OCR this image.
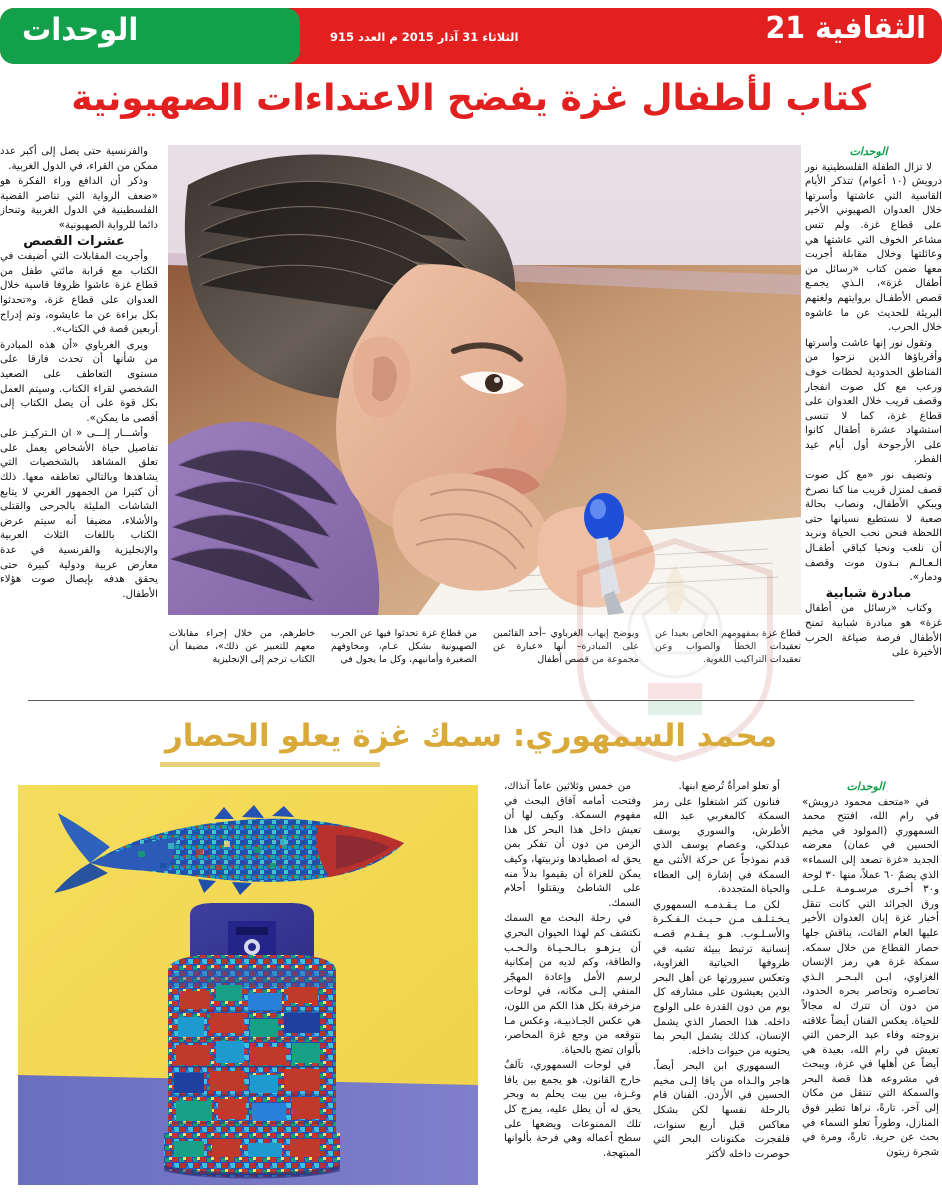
الثقافية 21
الثلاثاء 31 آذار 2015 م العدد 915
الوحدات
كتاب لأطفال غزة يفضح الاعتداءات الصهيونية

الوحدات

لا تزال الطفلة الفلسطينية نور درويش (١٠ أعوام) تتذكر الأيام القاسية التي عاشتها وأسرتها خلال العدوان الصهيوني الأخير على قطاع غزة. ولم تنس مشاعر الخوف التي عاشتها هي وعائلتها وخلال مقابلة أجريت معها ضمن كتاب «رسائل من أطفال غزة»، الـذي يجمـع قصص الأطفـال بروايتهم ولغتهم البريئة للحديث عن ما عاشوه خلال الحرب.

وتقول نور إنها عاشت وأسرتها وأقرباؤها الذين نزحوا من المناطق الحدودية لحظات خوف ورعب مع كل صوت انفجار وقصف قريب خلال العدوان على قطاع غزة، كما لا تنسى استشهاد عشرة أطفال كانوا على الأرجوحة أول أيام عيد الفطر.

وتضيف نور «مع كل صوت قصف لمنزل قريب منا كنا نصرخ ويبكي الأطفال، ونصاب بحالة صعبة لا نستطيع نسيانها حتى اللحظة فنحن نحب الحياة ونريد أن نلعب ونحيا كباقي أطفـال الـعـالـم بـدون موت وقصف ودمار».

مبادرة شبابية

وكتاب «رسائل من أطفال غزة» هو مبادرة شبابية تمنح الأطفال فرصة صياغة الحرب الأخيرة على

قطاع غزة بمفهومهم الخاص بعيدا عن تعقيدات الخطأ والصواب وعن تعقيدات التراكيب اللغوية.
ويوضح إيهاب الغرباوي –أحد القائمين على المبادرة– أنها «عبارة عن مجموعة من قصص أطفال
من قطاع غزة تحدثوا فيها عن الحرب الصهيونية بشكل عـام، ومخاوفهم الصغيرة وأمانيهم، وكل ما يجول في
خاطرهم، من خلال إجراء مقابلات معهم للتعبير عن ذلك»، مضيفا أن الكتاب ترجم إلى الإنجليزية

والفرنسية حتى يصل إلى أكبر عدد ممكن من القراء، في الدول الغربية.

وذكر أن الدافع وراء الفكرة هو «ضعف الرواية التي تناصر القضية الفلسطينية في الدول الغربية وتنحاز دائما للرواية الصهيونية»

عشرات القصص

وأجريت المقابلات التي أضيفت في الكتاب مع قرابة مائتي طفل من قطاع غزة عاشوا ظروفا قاسية خلال العدوان على قطاع غزة، و«تحدثوا بكل براءة عن ما عايشوه، وتم إدراج أربعين قصة في الكتاب».

ويرى الغرباوي «أن هذه المبادرة من شأنها أن تحدث فارقا على مستوى التعاطف على الصعيد الشخصي لقراء الكتاب. وسيتم العمل بكل قوة على أن يصل الكتاب إلى أقصى ما يمكن».

وأشـــار إلـــى « ان الـتركيـز على تفاصيل حياة الأشخاص يعمل على تعلق المشاهد بالشخصيات التي يشاهدها وبالتالي تعاطفه معها. ذلك أن كثيرا من الجمهور الغربي لا يتابع الشاشات المليئة بالجرحى والقتلى والأشلاء، مضيفا أنه سيتم عرض الكتاب باللغات الثلاث العربية والإنجليزية والفرنسية في عدة معارض عربية ودولية كبيرة حتى يحقق هدفه بإيصال صوت هؤلاء الأطفال.

محمد السمهوري: سمك غزة يعلو الحصار

الوحدات

في «متحف محمود درويش» في رام الله، افتتح محمد السمهوري (المولود في مخيم الحسين في عمان) معرضه الجديد «غزة تصعد إلى السماء» الذي يضمّ ٦٠ عملاً، منها ٣٠ لوحة و٣٠ أخـرى مرسـومـة عـلـى ورق الجرائد التي كانت تنقل أخبار غزة إبان العدوان الأخير عليها العام الفائت، يناقش جلها حصار القطاع من خلال سمكه. سمكة غزة هي رمز الإنسان الغزاوي، ابـن البـحـر الـذي تحاصـره وتحاصر بحره الحدود، من دون أن تترك له مجالاً للحياة. يعكس الفنان أيضاً علاقته بزوجته وفاء عبد الرحمن التي تعيش في رام الله، بعيدة هي أيضاً عن أهلها في غزة، ويبحث في مشروعه هذا قصة البحر والسمكة التي تنتقل من مكان إلى آخر. تارةً، نراها تطير فوق المنازل، وطوراً تعلو السماء في بحث عن حرية. تارةً، ومرة في شجرة زيتون

أو تعلو امرأةٌ تُرضع ابنها.

فنانون كثر اشتغلوا على رمز السمكة كالمغربي عبد الله الأطرش، والسوري يوسف عبدلكي، وعصام يوسف الذي قدم نموذجاً عن حركة الأنثى مع السمكة في إشارة إلى العطاء والحياة المتجددة.

لكن مـا يـقـدمـه السمهوري يـخـتـلـف مـن حـيـث الـفـكـرة والأسـلـوب. هـو يـقـدم قصـه إنسانية ترتبط ببيئة تشبه في ظروفها الحياتية الغزاوية، وتعكس سيرورتها عن أهل البحر الذين يعيشون على مشارفه كل يوم من دون القدرة على الولوج داخله. هذا الحصار الذي يشمل الإنسان، كذلك يشمل البحر بما يحتويه من حيوات داخله.

السمهوري ابن البحر أيضاً. هاجر والـداه من يافا إلـى مخيم الحسين في الأردن. الفنان قام بالرحلة نفسها لكن بشكل معاكس قبل أربع سنوات، فلفجرت مكنونات البحر التي حوصرت داخله لأكثر

من خمس وثلاثين عاماً آنذاك، وفتحت أمامه آفاق البحث في مفهوم السمكة. وكيف لها أن تعيش داخل هذا البحر كل هذا الزمن من دون أن تفكر بمن يحق له اصطيادها وتربيتها، وكيف يمكن للغزاة أن يقيموا بدلاً منه على الشاطئ ويقتلوا أحلام السمك.

في رحلة البحث مع السمك نكتشف كم لهذا الحيوان البحري أن يـزهـو بـالـحـيـاة والـحـب والطاقة، وكم لديه من إمكانية لرسم الأمل وإعادة المهجّر المنفي إلـى مكانه، في لوحات مزخرفة بكل هذا الكم من اللون، هي عكس الجـاذبيـة، وعكس مـا نتوقعه من وجع غزة المحاصر، بألوان تضج بالحياة.

في لوحات السمهوري، تآلفٌ خارج القانون. هو يجمع بين يافا وغـزة، بين بيت يحلم به وبحر يحق له أن يطل عليه، يمزج كل تلك الممنوعات ويضعها على سطح أعماله وهي فرحة بألوانها المبتهجة.
